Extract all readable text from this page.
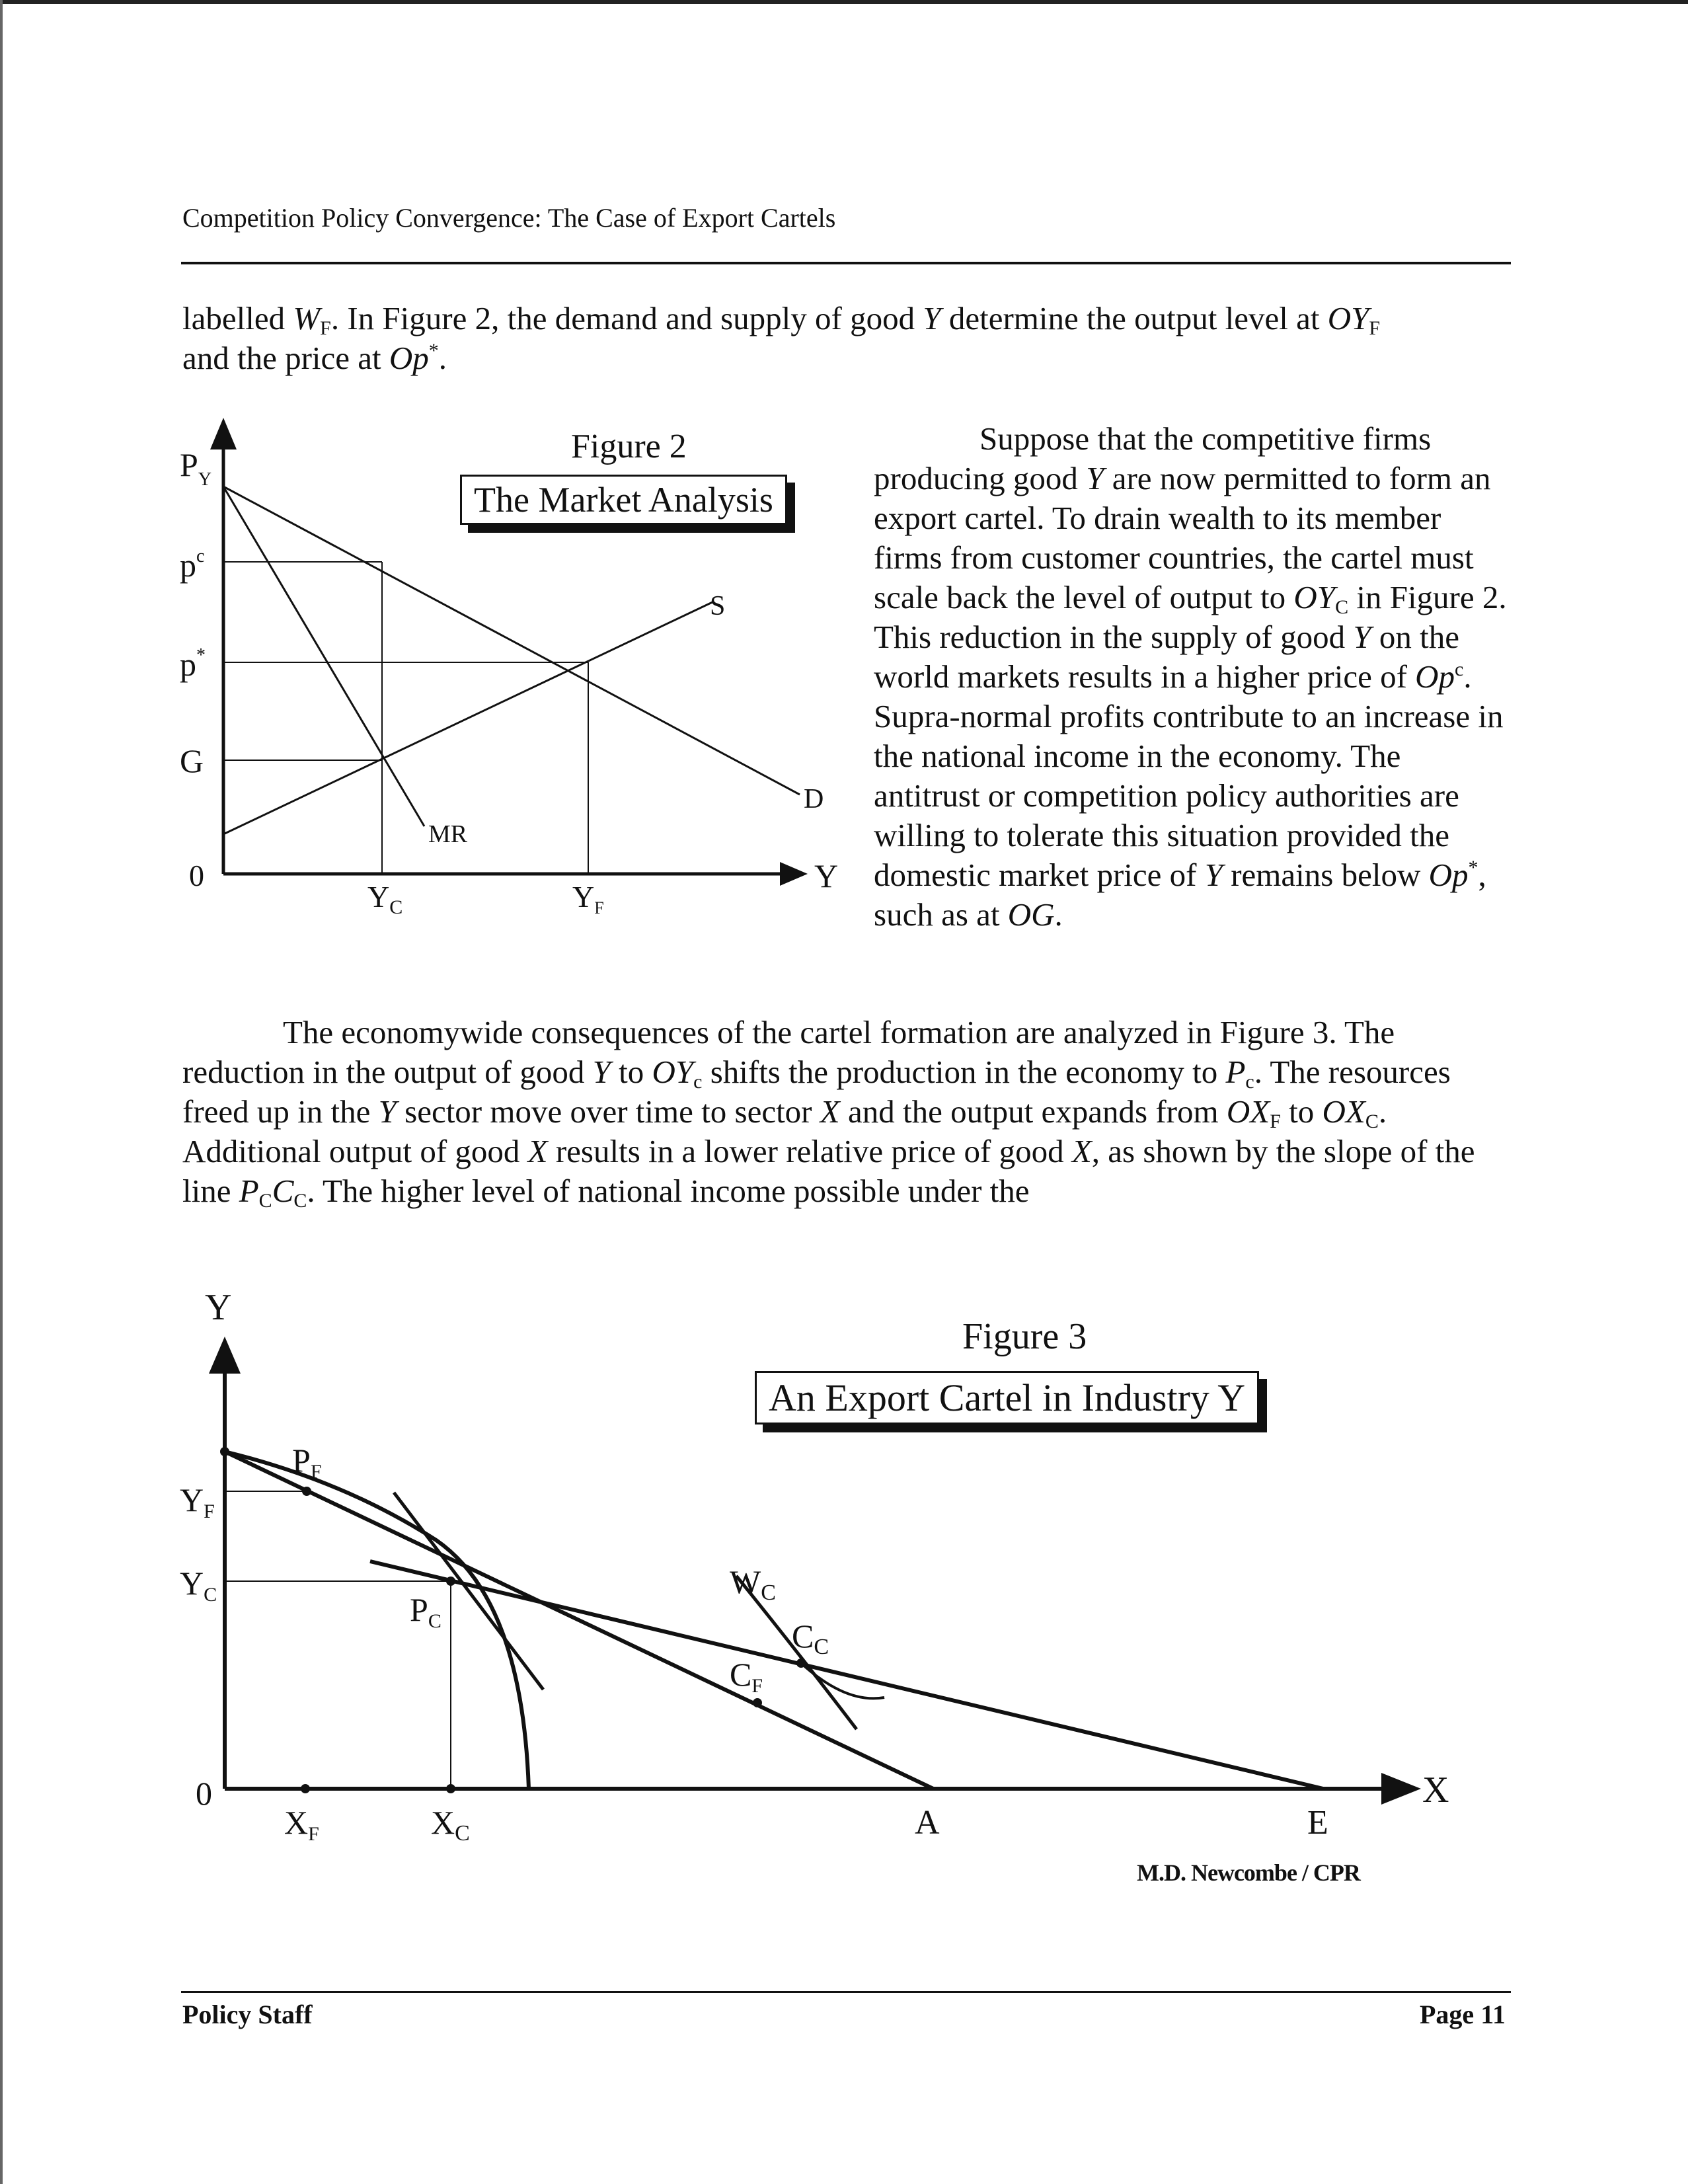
Competition Policy Convergence: The Case of Export Cartels
labelled $W_F$. In Figure 2, the demand and supply of good Y determine the output level at $OY_F$
and the price at Op*.
$P_Y$
$p^c$
p*
G
0
$Y_C$	$Y_F$
S
D
MR
Y
Figure 2
The Market Analysis
Suppose that the competitive firms producing good Y are now permitted to form an export cartel. To drain wealth to its member firms from customer countries, the cartel must scale back the level of output to $OY_C$ in Figure 2. This reduction in the supply of good Y on the world markets results in a higher price of Op$^c$. Supra-normal profits contribute to an increase in the national income in the economy. The antitrust or competition policy authorities are willing to tolerate this situation provided the domestic market price of Y remains below Op*, such as at OG.
The economywide consequences of the cartel formation are analyzed in Figure 3. The reduction in the output of good Y to $OY_c$ shifts the production in the economy to $P_c$. The resources freed up in the Y sector move over time to sector X and the output expands from $OX_F$ to $OX_C$. Additional output of good X results in a lower relative price of good X, as shown by the slope of the line $P_CC_C$. The higher level of national income possible under the
Y
X
0
$Y_F$
$Y_C$
$P_F$
$P_C$
$W_C$
$C_C$
$C_F$
$X_F$	$X_C$	A	E
Figure 3
An Export Cartel in Industry Y
M.D. Newcombe / CPR
Policy Staff	Page 11
